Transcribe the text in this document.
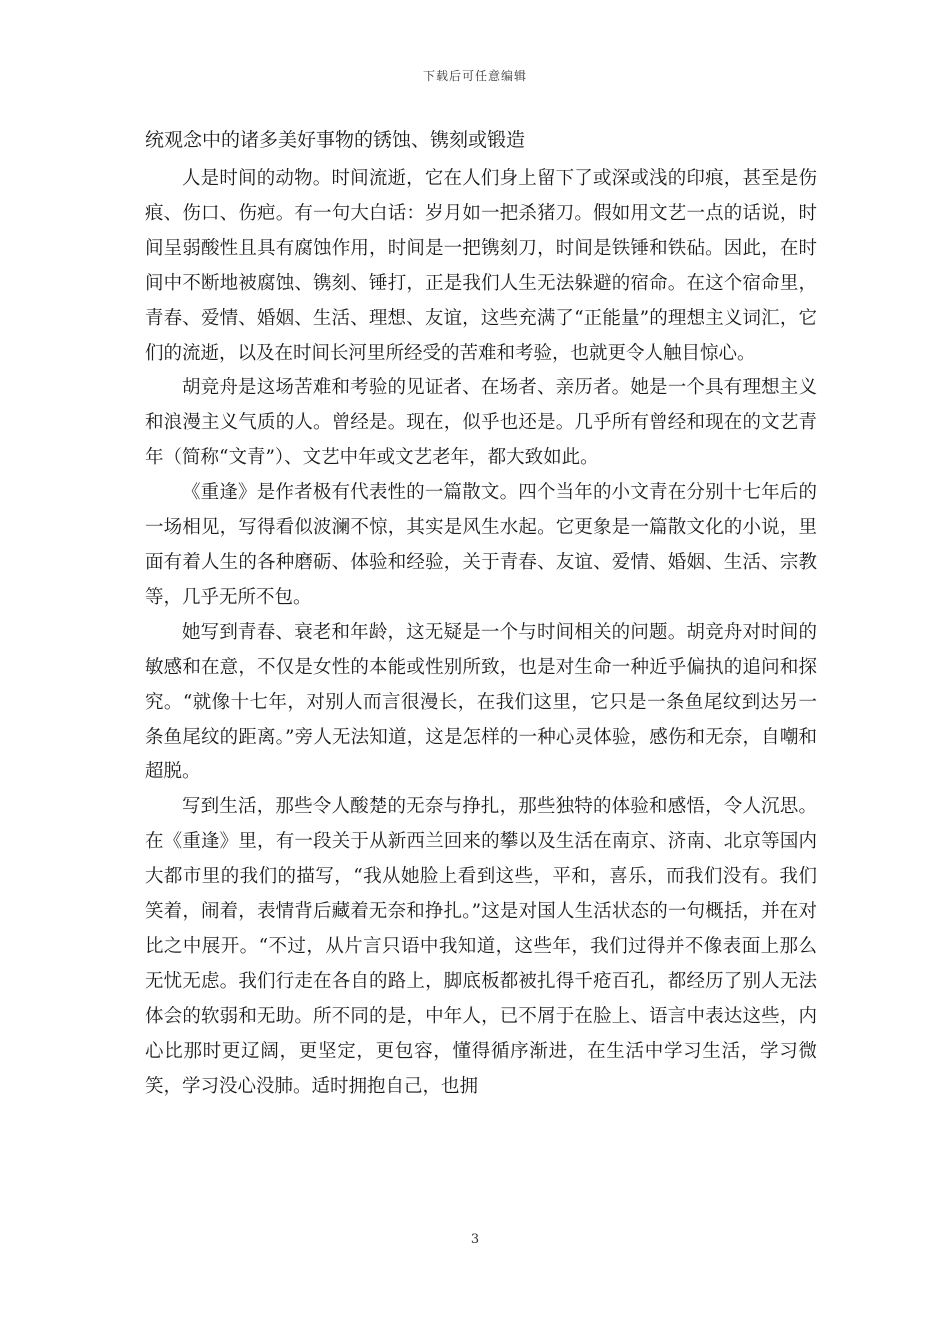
下载后可任意编辑
统观念中的诸多美好事物的锈蚀、镌刻或锻造

人是时间的动物。时间流逝，它在人们身上留下了或深或浅的印痕，甚至是伤痕、伤口、伤疤。有一句大白话：岁月如一把杀猪刀。假如用文艺一点的话说，时间呈弱酸性且具有腐蚀作用，时间是一把镌刻刀，时间是铁锤和铁砧。因此，在时间中不断地被腐蚀、镌刻、锤打，正是我们人生无法躲避的宿命。在这个宿命里，青春、爱情、婚姻、生活、理想、友谊，这些充满了“正能量”的理想主义词汇，它们的流逝，以及在时间长河里所经受的苦难和考验，也就更令人触目惊心。

胡竞舟是这场苦难和考验的见证者、在场者、亲历者。她是一个具有理想主义和浪漫主义气质的人。曾经是。现在，似乎也还是。几乎所有曾经和现在的文艺青年（简称“文青”）、文艺中年或文艺老年，都大致如此。

《重逢》是作者极有代表性的一篇散文。四个当年的小文青在分别十七年后的一场相见，写得看似波澜不惊，其实是风生水起。它更象是一篇散文化的小说，里面有着人生的各种磨砺、体验和经验，关于青春、友谊、爱情、婚姻、生活、宗教等，几乎无所不包。

她写到青春、衰老和年龄，这无疑是一个与时间相关的问题。胡竞舟对时间的敏感和在意，不仅是女性的本能或性别所致，也是对生命一种近乎偏执的追问和探究。“就像十七年，对别人而言很漫长，在我们这里，它只是一条鱼尾纹到达另一条鱼尾纹的距离。”旁人无法知道，这是怎样的一种心灵体验，感伤和无奈，自嘲和超脱。

写到生活，那些令人酸楚的无奈与挣扎，那些独特的体验和感悟，令人沉思。在《重逢》里，有一段关于从新西兰回来的攀以及生活在南京、济南、北京等国内大都市里的我们的描写，“我从她脸上看到这些，平和，喜乐，而我们没有。我们笑着，闹着，表情背后藏着无奈和挣扎。”这是对国人生活状态的一句概括，并在对比之中展开。“不过，从片言只语中我知道，这些年，我们过得并不像表面上那么无忧无虑。我们行走在各自的路上，脚底板都被扎得千疮百孔，都经历了别人无法体会的软弱和无助。所不同的是，中年人，已不屑于在脸上、语言中表达这些，内心比那时更辽阔，更坚定，更包容，懂得循序渐进，在生活中学习生活，学习微笑，学习没心没肺。适时拥抱自己，也拥

3
